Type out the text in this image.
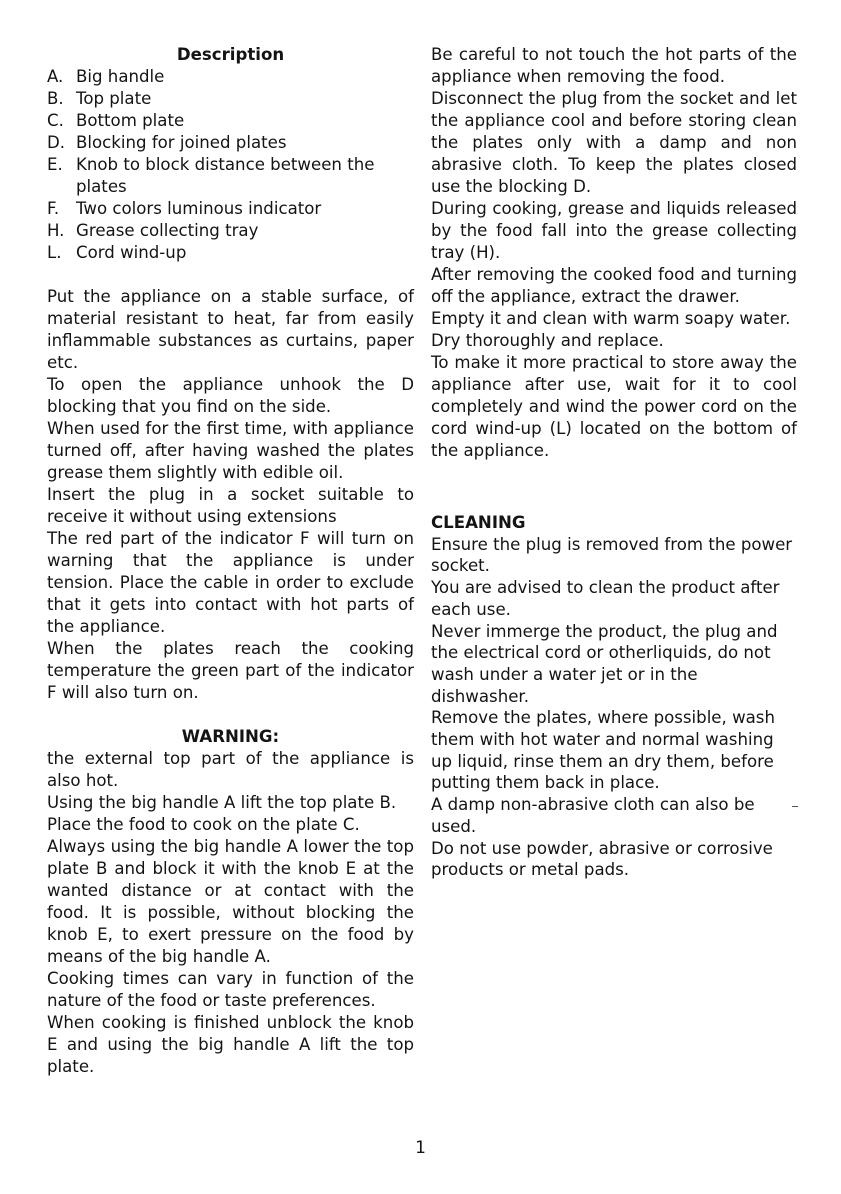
Description
A. Big handle
B. Top plate
C. Bottom plate
D. Blocking for joined plates
E. Knob to block distance between the plates
F.	Two colors luminous indicator
H. Grease collecting tray
L. Cord wind-up
Put the appliance on a stable surface, of material resistant to heat, far from easily inflammable substances as curtains, paper etc.
To open the appliance unhook the D blocking that you find on the side.
When used for the first time, with appliance turned off, after having washed the plates grease them slightly with edible oil.
Insert the plug in a socket suitable to receive it without using extensions
The red part of the indicator F will turn on warning that the appliance is under tension. Place the cable in order to exclude that it gets into contact with hot parts of the appliance.
When the plates reach the cooking temperature the green part of the indicator F will also turn on.
WARNING:
the external top part of the appliance is also hot.
Using the big handle A lift the top plate B.
Place the food to cook on the plate C.
Always using the big handle A lower the top plate B and block it with the knob E at the wanted distance or at contact with the food. It is possible, without blocking the knob E, to exert pressure on the food by means of the big handle A.
Cooking times can vary in function of the nature of the food or taste preferences.
When cooking is finished unblock the knob E and using the big handle A lift the top plate.
Be careful to not touch the hot parts of the appliance when removing the food.
Disconnect the plug from the socket and let the appliance cool and before storing clean the plates only with a damp and non abrasive cloth. To keep the plates closed use the blocking D.
During cooking, grease and liquids released by the food fall into the grease collecting tray (H).
After removing the cooked food and turning off the appliance, extract the drawer.
Empty it and clean with warm soapy water.
Dry thoroughly and replace.
To make it more practical to store away the appliance after use, wait for it to cool completely and wind the power cord on the cord wind-up (L) located on the bottom of the appliance.
CLEANING
Ensure the plug is removed from the power socket.
You are advised to clean the product after each use.
Never immerge the product, the plug and the electrical cord or otherliquids, do not wash under a water jet or in the dishwasher.
Remove the plates, where possible, wash them with hot water and normal washing up liquid, rinse them an dry them, before putting them back in place.
A damp non-abrasive cloth can also be used.
Do not use powder, abrasive or corrosive products or metal pads.
1
